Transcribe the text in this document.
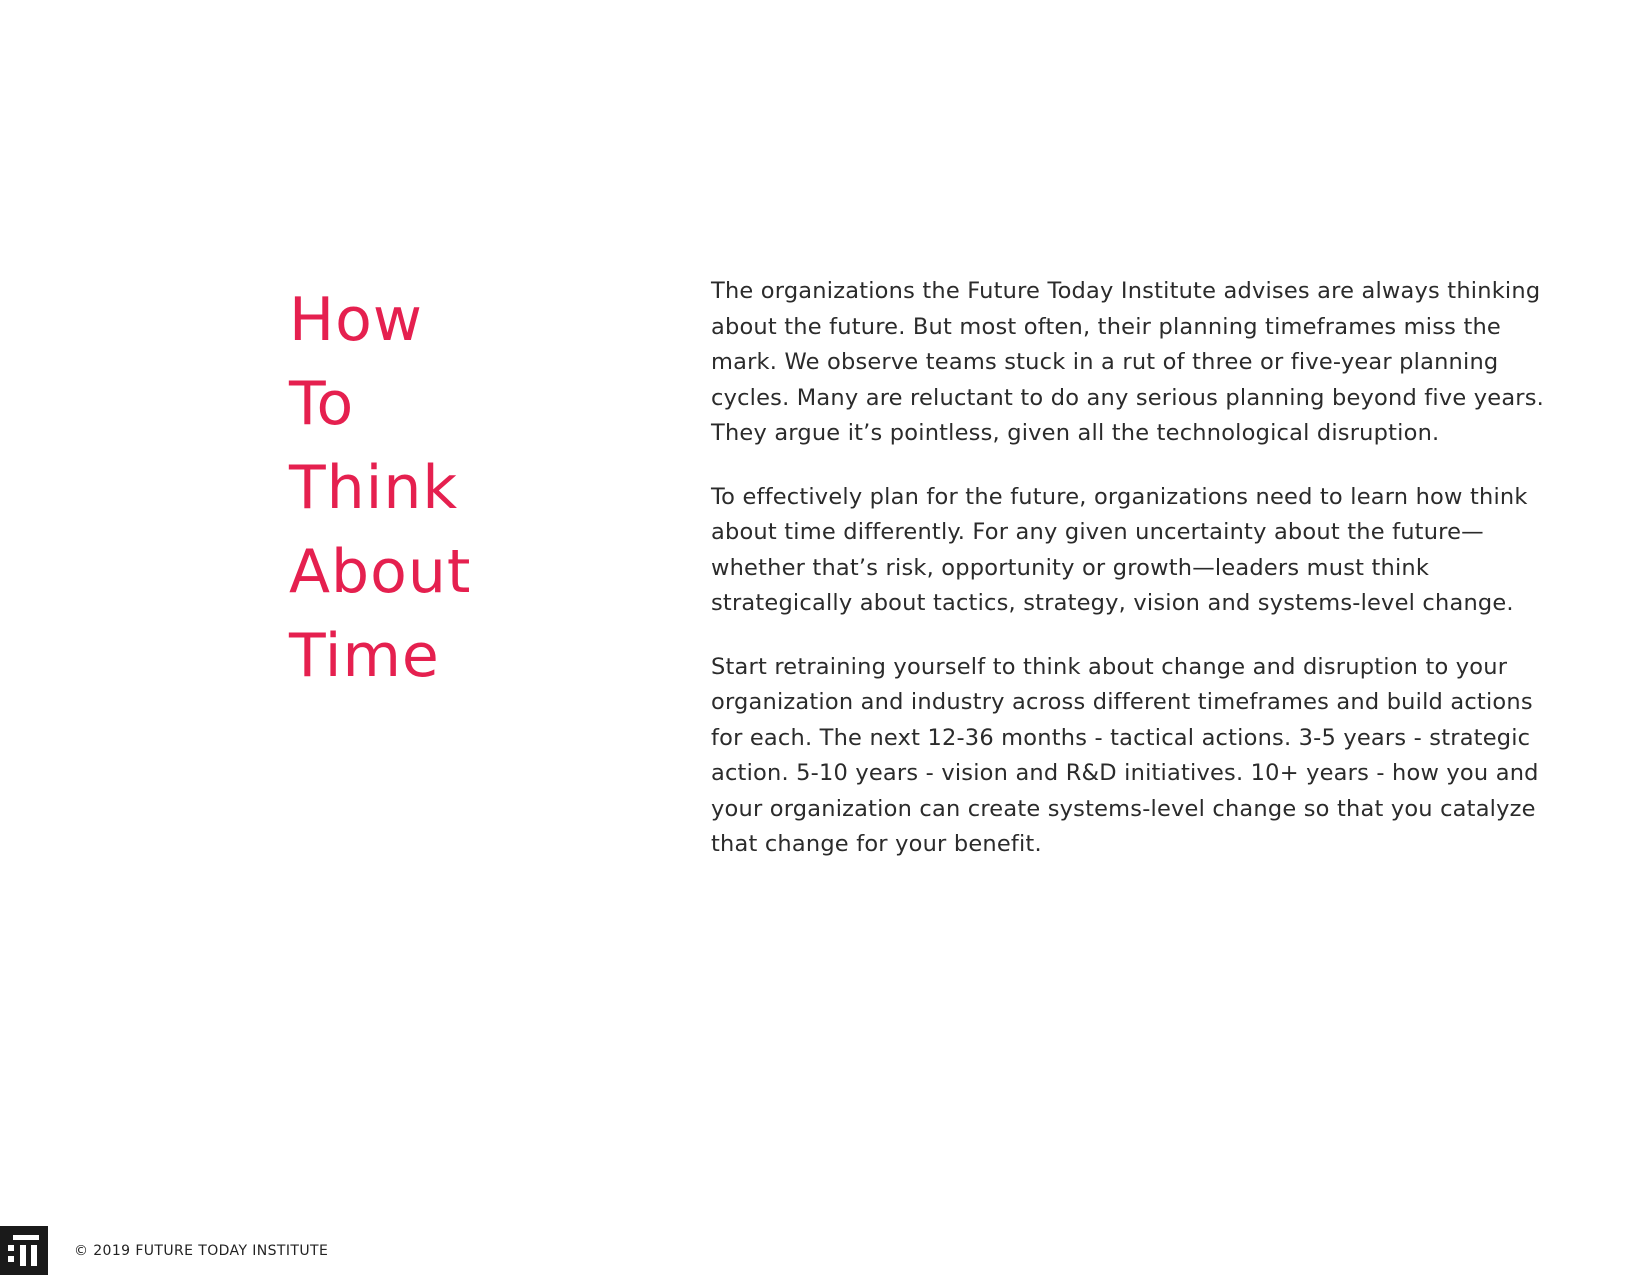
How
To
Think
About
Time

The organizations the Future Today Institute advises are always thinking about the future. But most often, their planning timeframes miss the mark. We observe teams stuck in a rut of three or five-year planning cycles. Many are reluctant to do any serious planning beyond five years. They argue it’s pointless, given all the technological disruption.

To effectively plan for the future, organizations need to learn how think about time differently. For any given uncertainty about the future—whether that’s risk, opportunity or growth—leaders must think strategically about tactics, strategy, vision and systems-level change.

Start retraining yourself to think about change and disruption to your organization and industry across different timeframes and build actions for each. The next 12-36 months - tactical actions. 3-5 years - strategic action. 5-10 years - vision and R&D initiatives. 10+ years - how you and your organization can create systems-level change so that you catalyze that change for your benefit.

© 2019 FUTURE TODAY INSTITUTE
